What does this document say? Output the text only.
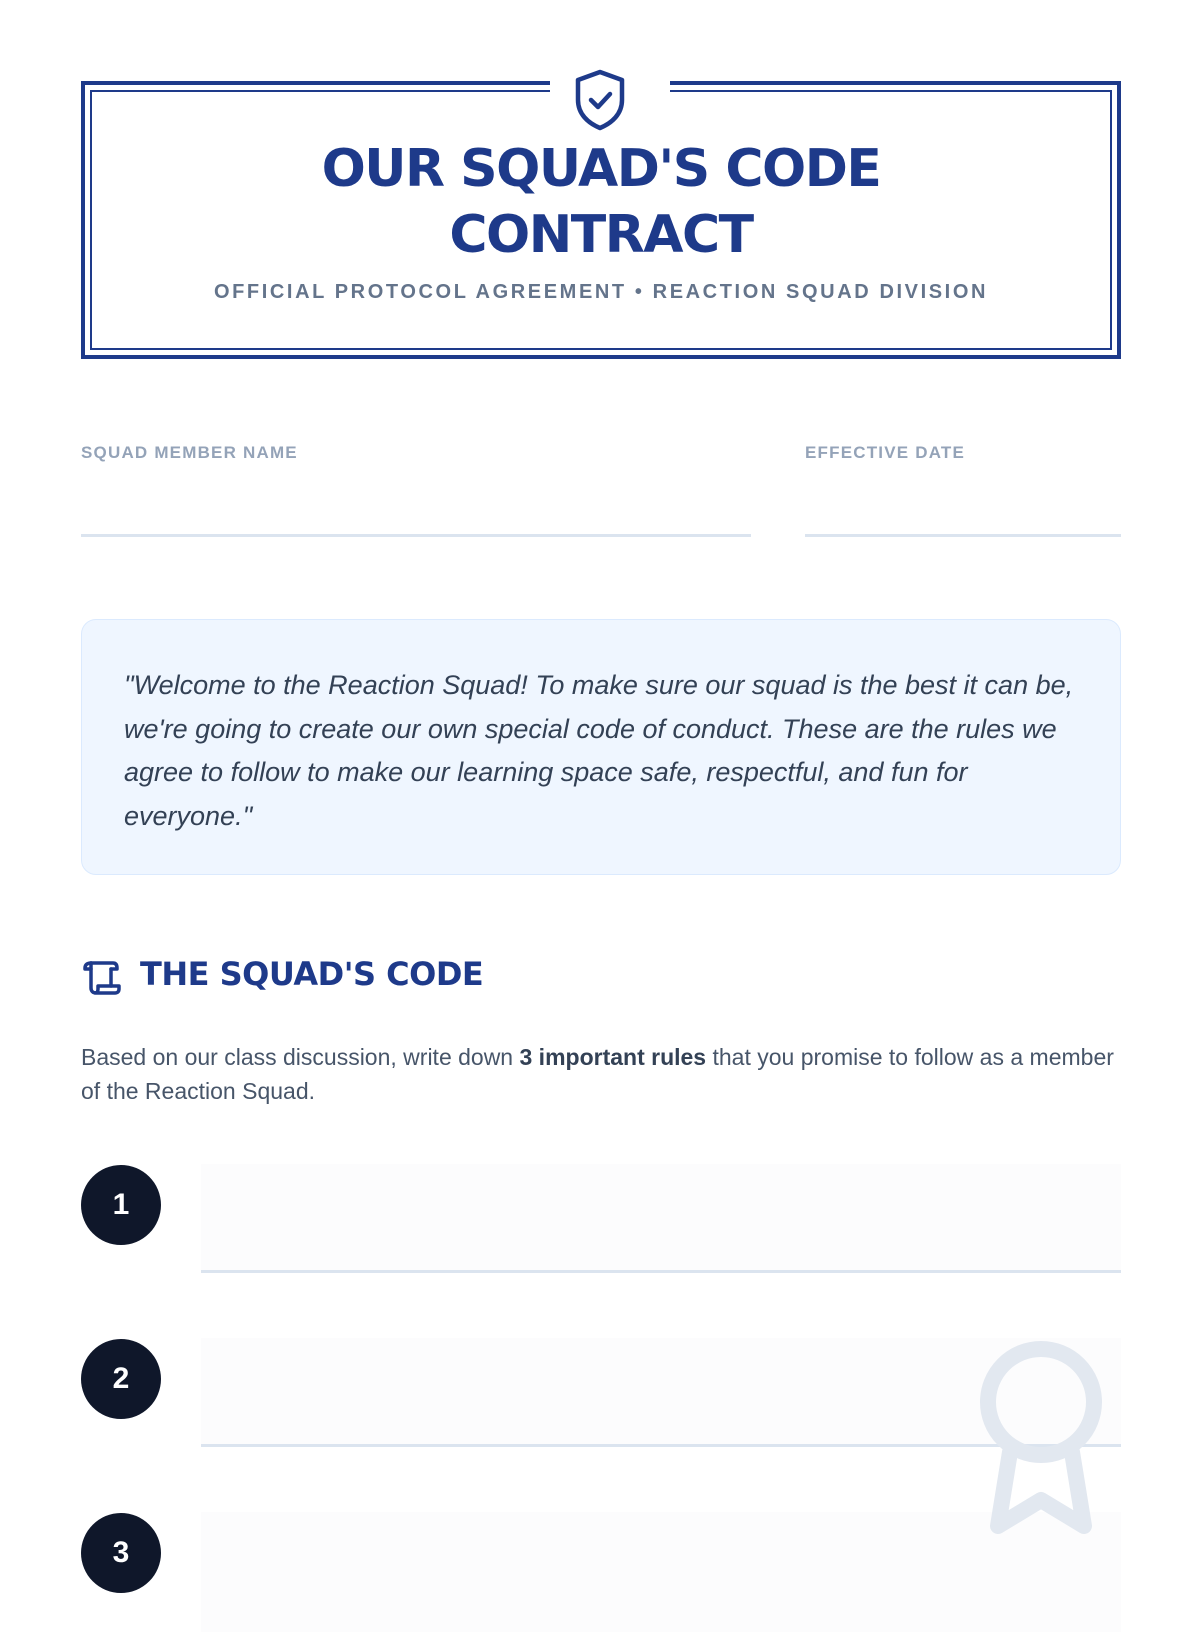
OUR SQUAD'S CODE
CONTRACT
OFFICIAL PROTOCOL AGREEMENT • REACTION SQUAD DIVISION
SQUAD MEMBER NAME	EFFECTIVE DATE
"Welcome to the Reaction Squad! To make sure our squad is the best it can be, we're going to create our own special code of conduct. These are the rules we agree to follow to make our learning space safe, respectful, and fun for everyone."
THE SQUAD'S CODE
Based on our class discussion, write down 3 important rules that you promise to follow as a member of the Reaction Squad.
1
2
3
